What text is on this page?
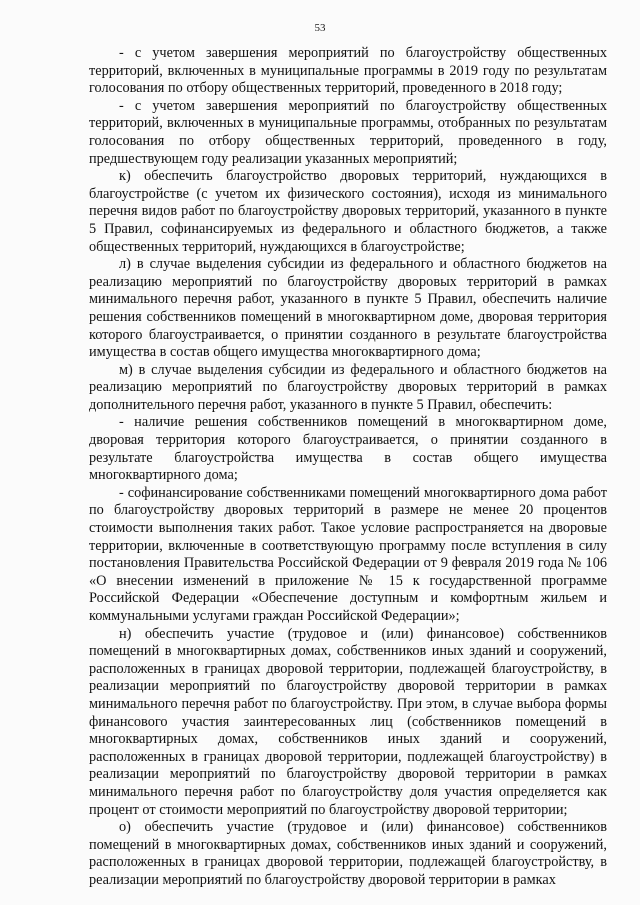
53

- с учетом завершения мероприятий по благоустройству общественных территорий, включенных в муниципальные программы в 2019 году по результатам голосования по отбору общественных территорий, проведенного в 2018 году;

- с учетом завершения мероприятий по благоустройству общественных территорий, включенных в муниципальные программы, отобранных по результатам голосования по отбору общественных территорий, проведенного в году, предшествующем году реализации указанных мероприятий;

к) обеспечить благоустройство дворовых территорий, нуждающихся в благоустройстве (с учетом их физического состояния), исходя из минимального перечня видов работ по благоустройству дворовых территорий, указанного в пункте 5 Правил, софинансируемых из федерального и областного бюджетов, а также общественных территорий, нуждающихся в благоустройстве;

л) в случае выделения субсидии из федерального и областного бюджетов на реализацию мероприятий по благоустройству дворовых территорий в рамках минимального перечня работ, указанного в пункте 5 Правил, обеспечить наличие решения собственников помещений в многоквартирном доме, дворовая территория которого благоустраивается, о принятии созданного в результате благоустройства имущества в состав общего имущества многоквартирного дома;

м) в случае выделения субсидии из федерального и областного бюджетов на реализацию мероприятий по благоустройству дворовых территорий в рамках дополнительного перечня работ, указанного в пункте 5 Правил, обеспечить:

- наличие решения собственников помещений в многоквартирном доме, дворовая территория которого благоустраивается, о принятии созданного в результате благоустройства имущества в состав общего имущества многоквартирного дома;

- софинансирование собственниками помещений многоквартирного дома работ по благоустройству дворовых территорий в размере не менее 20 процентов стоимости выполнения таких работ. Такое условие распространяется на дворовые территории, включенные в соответствующую программу после вступления в силу постановления Правительства Российской Федерации от 9 февраля 2019 года № 106 «О внесении изменений в приложение № 15 к государственной программе Российской Федерации «Обеспечение доступным и комфортным жильем и коммунальными услугами граждан Российской Федерации»;

н) обеспечить участие (трудовое и (или) финансовое) собственников помещений в многоквартирных домах, собственников иных зданий и сооружений, расположенных в границах дворовой территории, подлежащей благоустройству, в реализации мероприятий по благоустройству дворовой территории в рамках минимального перечня работ по благоустройству. При этом, в случае выбора формы финансового участия заинтересованных лиц (собственников помещений в многоквартирных домах, собственников иных зданий и сооружений, расположенных в границах дворовой территории, подлежащей благоустройству) в реализации мероприятий по благоустройству дворовой территории в рамках минимального перечня работ по благоустройству доля участия определяется как процент от стоимости мероприятий по благоустройству дворовой территории;

о) обеспечить участие (трудовое и (или) финансовое) собственников помещений в многоквартирных домах, собственников иных зданий и сооружений, расположенных в границах дворовой территории, подлежащей благоустройству, в реализации мероприятий по благоустройству дворовой территории в рамках
